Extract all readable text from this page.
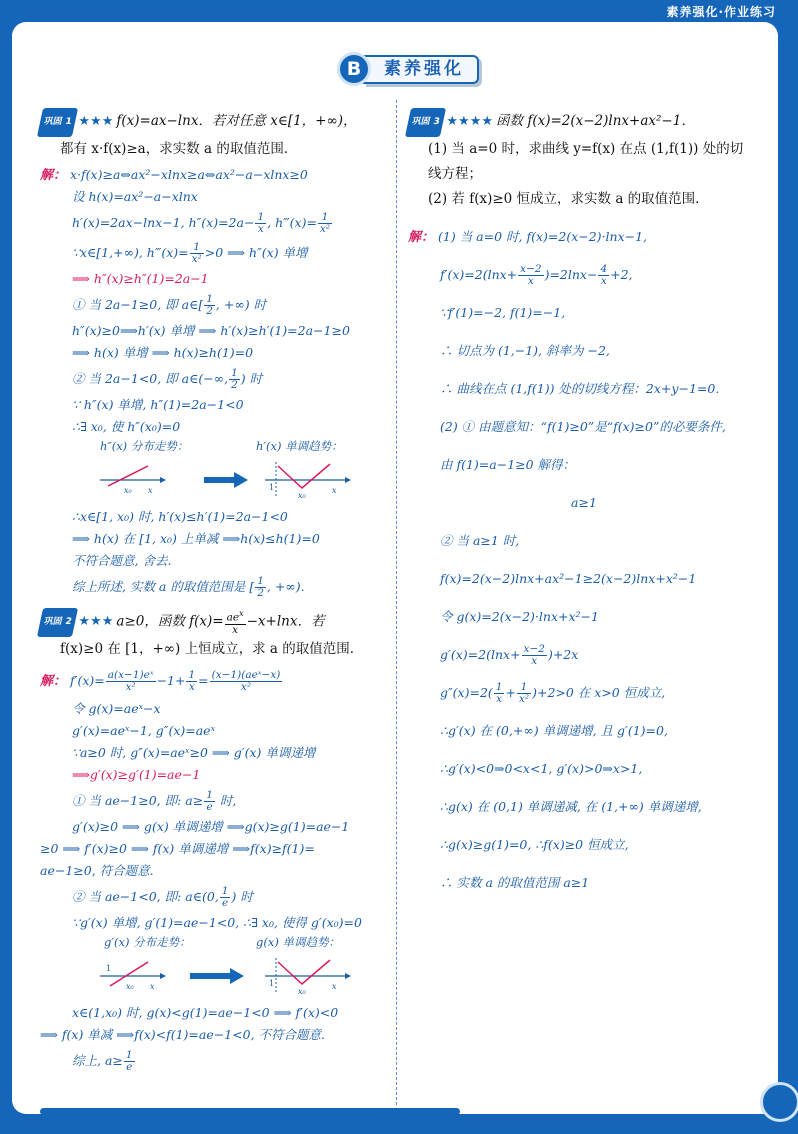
素养强化·作业练习
素养强化
B
巩固 1 ★★★ f(x)=ax−lnx．若对任意 x∈[1，+∞)，
都有 x·f(x)≥a，求实数 a 的取值范围．
解： x·f(x)≥a⇔ax²−xlnx≥a⇔ax²−a−xlnx≥0
设 h(x)=ax²−a−xlnx
h′(x)=2ax−lnx−1, $h''(x)=2a- \frac{1}{x}$ , h‴(x)= $\frac{1}{\text{x²}}$
∵x∈[1,+∞), h‴(x)= $\frac{1}{\text{x²}} >0$ ⟹ h″(x) 单增
⟹ h″(x)≥h″(1)=2a−1
① 当 2a−1≥0, 即 a∈[ $\frac{1}{2}$ , +∞) 时
h″(x)≥0⟹h′(x) 单增 ⟹ h′(x)≥h′(1)=2a−1≥0
⟹ h(x) 单增 ⟹ h(x)≥h(1)=0
② 当 2a−1<0, 即 a∈(−∞, $\frac{1}{2}$ ) 时
∵ h″(x) 单增, h″(1)=2a−1<0
∴∃ x₀, 使 h″(x₀)=0
h″(x) 分布走势：	h′(x) 单调趋势：
x₀ x	1
x₀
x
∴x∈[1, x₀) 时, h′(x)≤h′(1)=2a−1<0
⟹ h(x) 在 [1, x₀) 上单减 ⟹h(x)≤h(1)=0
不符合题意, 舍去.
综上所述, 实数 a 的取值范围是 [ $\frac{1}{2}$ , +∞).
巩固 2 ★★★ a≥0，函数 $f(x)= \frac{ae^x}{x} -x+\ln x$．若
f(x)≥0 在 [1，+∞) 上恒成立，求 a 的取值范围．
解： $f'(x)= \frac{\text{a(x−1)eˣ}}{\text{x²}} -1+ \frac{1}{x} = \frac{\text{(x−1)(aeˣ−x)}}{\text{x²}}$
令 g(x)=aeˣ−x
g′(x)=aeˣ−1, g″(x)=aeˣ
∵a≥0 时, g″(x)=aeˣ≥0 ⟹ g′(x) 单调递增
⟹g′(x)≥g′(1)=ae−1
① 当 ae−1≥0, 即: $a\ge \frac{1}{e}$ 时,
g′(x)≥0 ⟹ g(x) 单调递增 ⟹g(x)≥g(1)=ae−1
≥0 ⟹ f′(x)≥0 ⟹ f(x) 单调递增 ⟹f(x)≥f(1)=
ae−1≥0, 符合题意.
② 当 ae−1<0, 即: a∈(0, $\frac{1}{e}$ ) 时
∵g′(x) 单增, g′(1)=ae−1<0, ∴∃ x₀, 使得 g′(x₀)=0
g′(x) 分布走势：	g(x) 单调趋势：
1
x₀ x	1
x₀
x
x∈(1,x₀) 时, g(x)<g(1)=ae−1<0 ⟹ f′(x)<0
⟹ f(x) 单减 ⟹f(x)<f(1)=ae−1<0, 不符合题意.
综上, $a\ge \frac{1}{e}$
巩固 3 ★★★★ 函数 f(x)=2(x−2)lnx+ax²−1．
(1) 当 a=0 时，求曲线 y=f(x) 在点 (1,f(1)) 处的切
线方程；
(2) 若 f(x)≥0 恒成立，求实数 a 的取值范围．
解： (1) 当 a=0 时, f(x)=2(x−2)·lnx−1,
$f'(x)=2(\ln x+ \frac{x-2}{x} )=2\ln x- \frac{4}{x} +2$,
∵f′(1)=−2, f(1)=−1,
∴ 切点为 (1,−1), 斜率为 −2,
∴ 曲线在点 (1,f(1)) 处的切线方程：2x+y−1=0.
(2) ① 由题意知：“f(1)≥0”是“f(x)≥0”的必要条件,
由 f(1)=a−1≥0 解得：
a≥1
② 当 a≥1 时,
f(x)=2(x−2)lnx+ax²−1≥2(x−2)lnx+x²−1
令 g(x)=2(x−2)·lnx+x²−1
$g'(x)=2(\ln x+ \frac{x-2}{x} )+2x$
$g''(x)=2( \frac{1}{x} + \frac{1}{\text{x²}} )+2>0$ 在 x>0 恒成立,
∴g′(x) 在 (0,+∞) 单调递增, 且 g′(1)=0,
∴g′(x)<0⇒0<x<1, g′(x)>0⇒x>1,
∴g(x) 在 (0,1) 单调递减, 在 (1,+∞) 单调递增,
∴g(x)≥g(1)=0, ∴f(x)≥0 恒成立,
∴ 实数 a 的取值范围 a≥1
